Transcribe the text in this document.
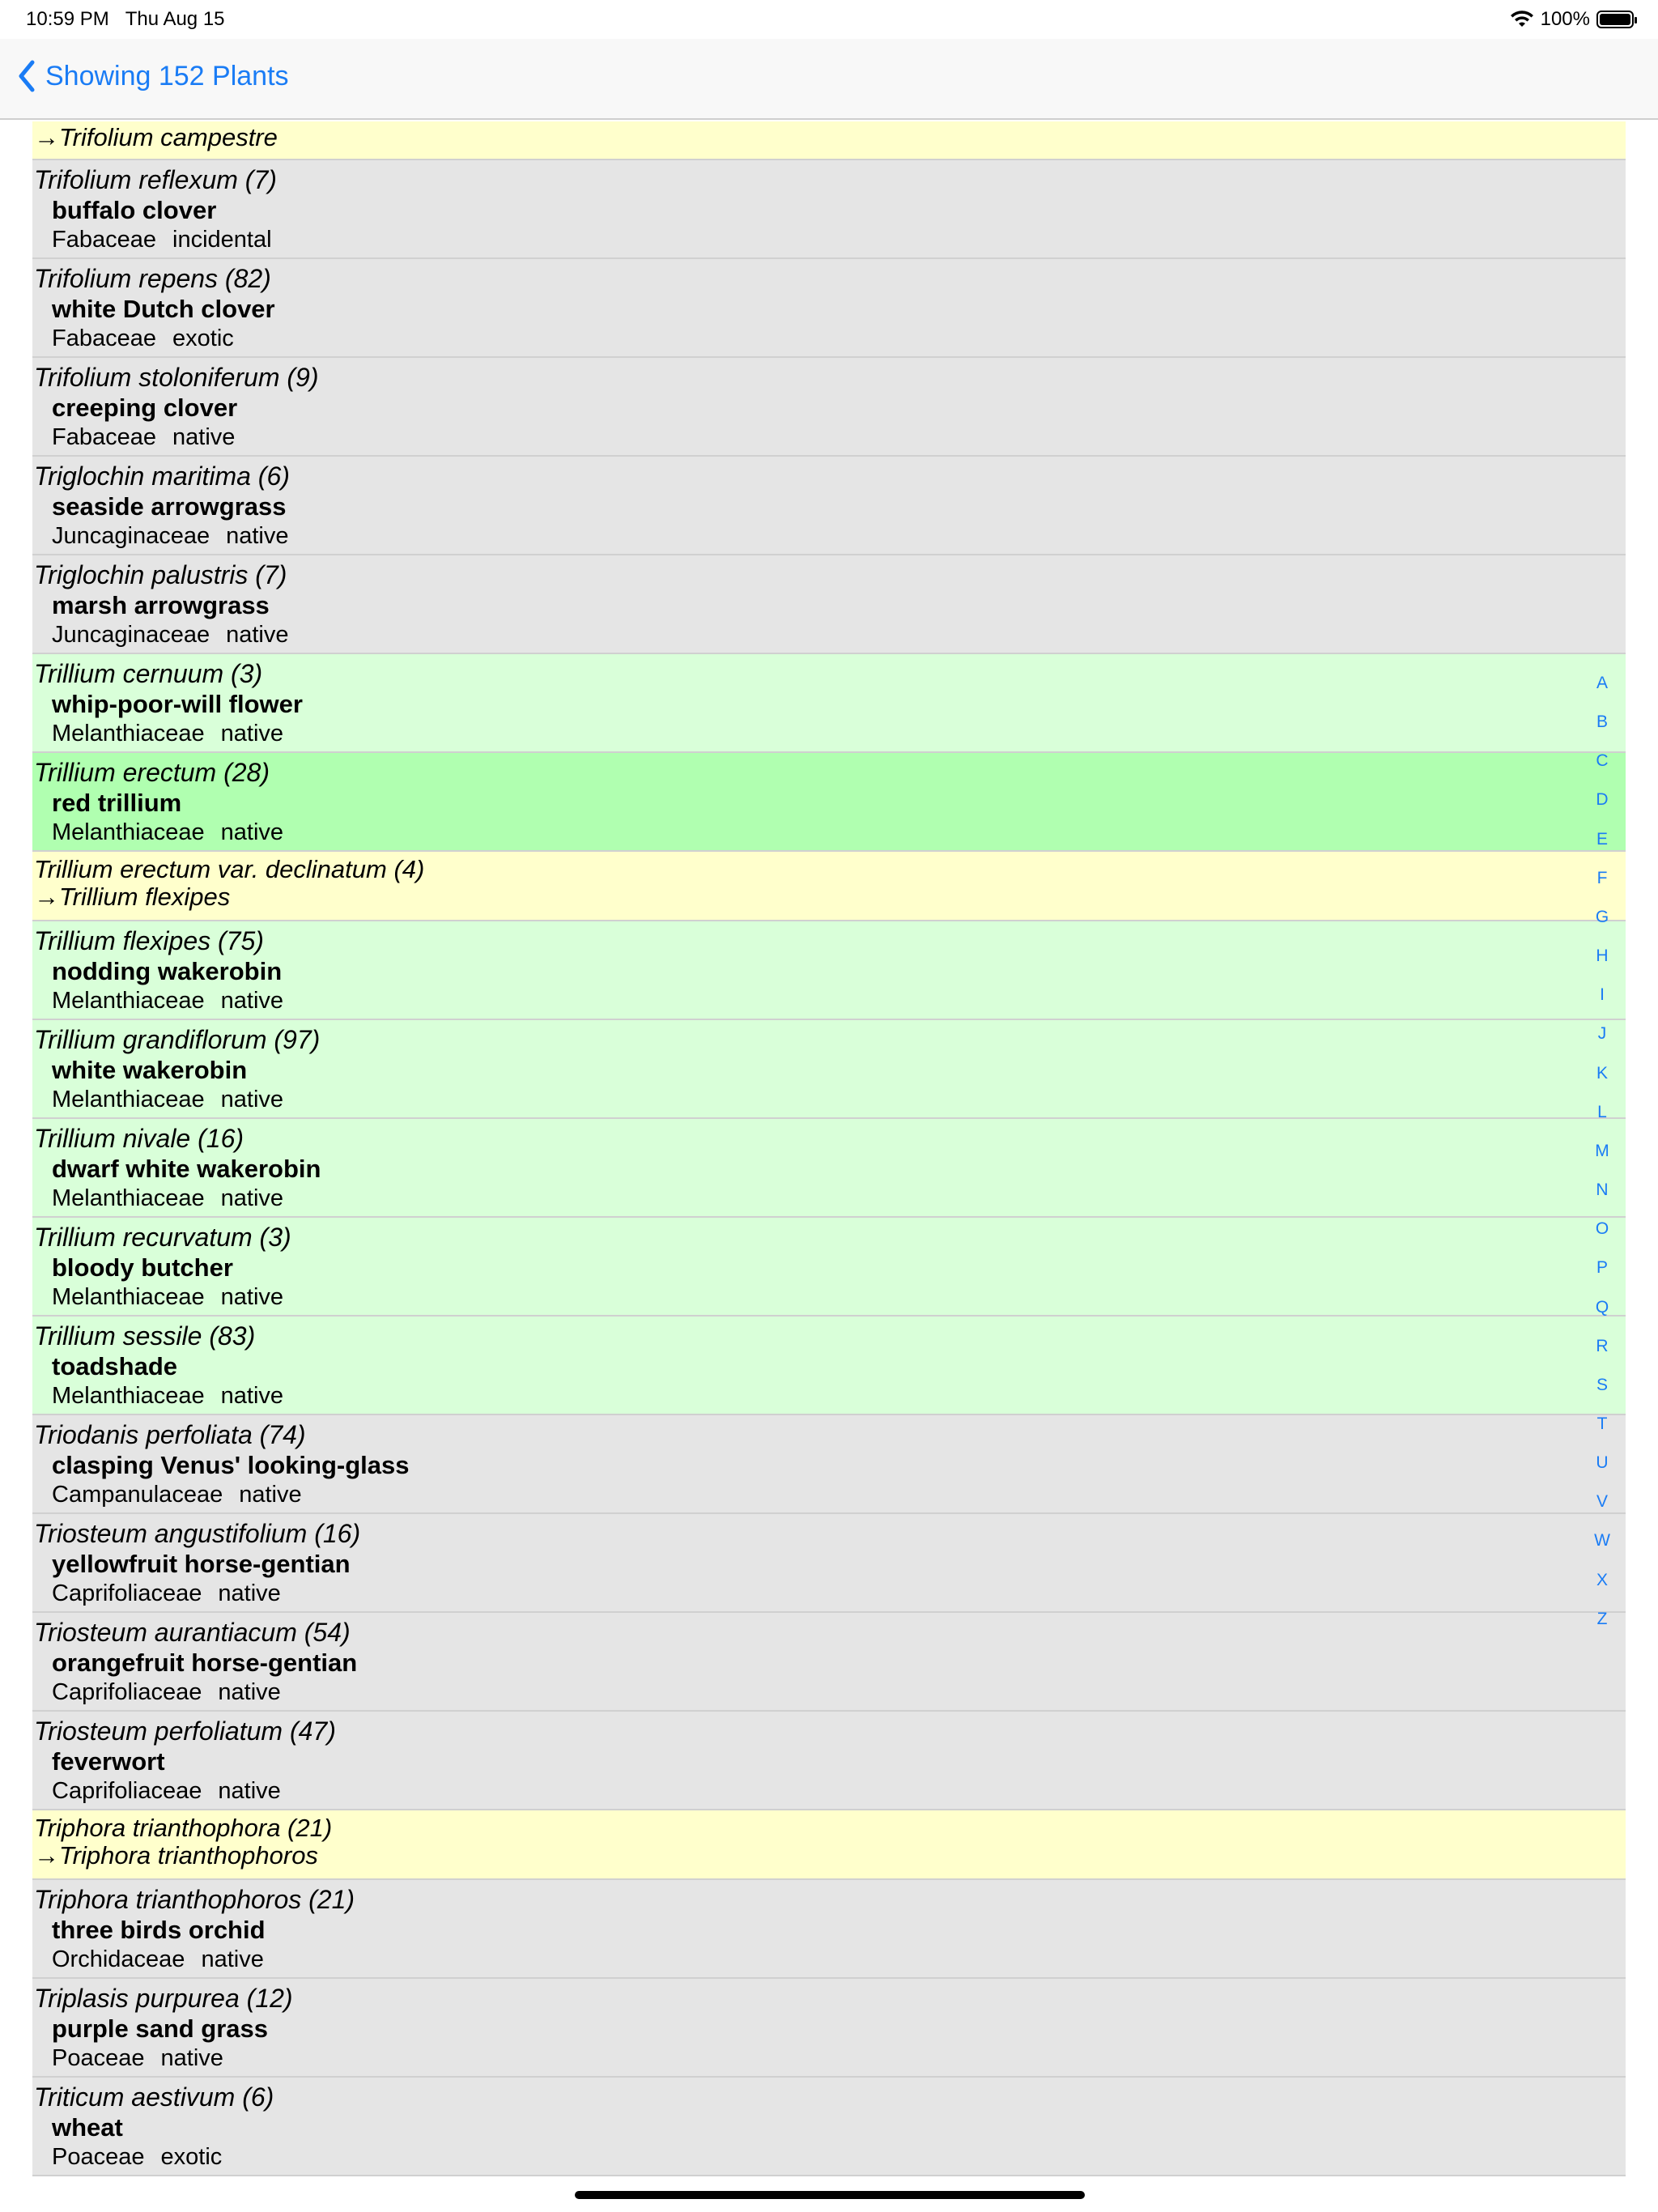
10:59 PM Thu Aug 15	100%
Showing 152 Plants
→Trifolium campestre
Trifolium reflexum (7)
buffalo clover
Fabaceae incidental
Trifolium repens (82)
white Dutch clover
Fabaceae exotic
Trifolium stoloniferum (9)
creeping clover
Fabaceae native
Triglochin maritima (6)
seaside arrowgrass
Juncaginaceae native
Triglochin palustris (7)
marsh arrowgrass
Juncaginaceae native
Trillium cernuum (3)
whip-poor-will flower
Melanthiaceae native
Trillium erectum (28)
red trillium
Melanthiaceae native
Trillium erectum var. declinatum (4)
→Trillium flexipes
Trillium flexipes (75)
nodding wakerobin
Melanthiaceae native
Trillium grandiflorum (97)
white wakerobin
Melanthiaceae native
Trillium nivale (16)
dwarf white wakerobin
Melanthiaceae native
Trillium recurvatum (3)
bloody butcher
Melanthiaceae native
Trillium sessile (83)
toadshade
Melanthiaceae native
Triodanis perfoliata (74)
clasping Venus' looking-glass
Campanulaceae native
Triosteum angustifolium (16)
yellowfruit horse-gentian
Caprifoliaceae native
Triosteum aurantiacum (54)
orangefruit horse-gentian
Caprifoliaceae native
Triosteum perfoliatum (47)
feverwort
Caprifoliaceae native
Triphora trianthophora (21)
→Triphora trianthophoros
Triphora trianthophoros (21)
three birds orchid
Orchidaceae native
Triplasis purpurea (12)
purple sand grass
Poaceae native
Triticum aestivum (6)
wheat
Poaceae exotic
A
B
C
D
E
F
G
H
I
J
K
L
M
N
O
P
Q
R
S
T
U
V
W
X
Z
